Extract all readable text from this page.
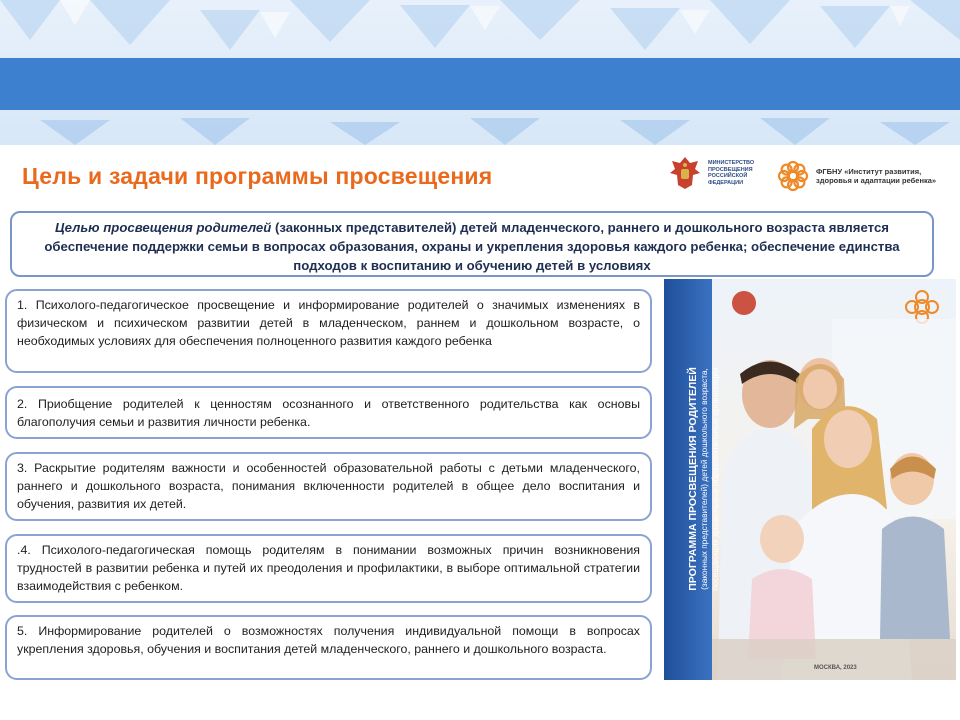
Цель и задачи программы просвещения	МИНИСТЕРСТВО ПРОСВЕЩЕНИЯ РОССИЙСКОЙ ФЕДЕРАЦИИ
ФГБНУ «Институт развития, здоровья и адаптации ребенка»
Целью просвещения родителей (законных представителей) детей младенческого, раннего и дошкольного возраста является обеспечение поддержки семьи в вопросах образования, охраны и укрепления здоровья каждого ребенка; обеспечение единства подходов к воспитанию и обучению детей в условиях
1. Психолого-педагогическое просвещение и информирование родителей о значимых изменениях в физическом и психическом развитии детей в младенческом, раннем и дошкольном возрасте, о необходимых условиях для обеспечения полноценного развития каждого ребенка
2. Приобщение родителей к ценностям осознанного и ответственного родительства как основы благополучия семьи и развития личности ребенка.
3. Раскрытие родителям важности и особенностей образовательной работы с детьми младенческого, раннего и дошкольного возраста, понимания включенности родителей в общее дело воспитания и обучения, развития их детей.
.4. Психолого-педагогическая помощь родителям в понимании возможных причин возникновения трудностей в развитии ребенка и путей их преодоления и профилактики, в выборе оптимальной стратегии взаимодействия с ребенком.
5. Информирование родителей о возможностях получения индивидуальной помощи в вопросах укрепления здоровья, обучения и воспитания детей младенческого, раннего и дошкольного возраста.
ПРОГРАММА ПРОСВЕЩЕНИЯ РОДИТЕЛЕЙ (законных представителей) детей дошкольного возраста,
посещающих дошкольные образовательные организации
МОСКВА, 2023
